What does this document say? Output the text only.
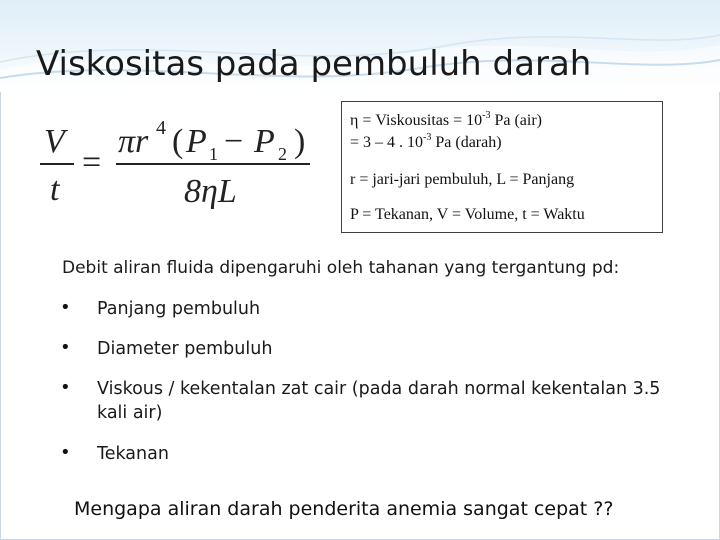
Viskositas pada pembuluh darah
V
t
=
πr 4 ( P 1 − P 2 )
8ηL
η = Viskousitas = $10^{-3}$ Pa (air)
= 3 – 4 . $10^{-3}$ Pa (darah)
r = jari-jari pembuluh, L = Panjang
P = Tekanan, V = Volume, t = Waktu
Debit aliran fluida dipengaruhi oleh tahanan yang tergantung pd:
• Panjang pembuluh
• Diameter pembuluh
• Viskous / kekentalan zat cair (pada darah normal kekentalan 3.5 kali air)
• Tekanan
Mengapa aliran darah penderita anemia sangat cepat ??
